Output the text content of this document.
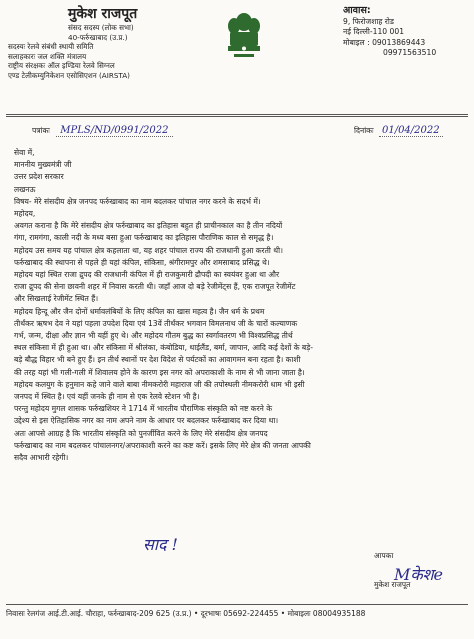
मुकेश राजपूत
संसद सदस्य (लोक सभा)
40-फर्रुखाबाद (उ.प्र.)
सदस्यः रेलवे संबंधी स्थायी समिति
सलाहकारः जल शक्ति मंत्रालय
राष्ट्रीय संरक्षकः ऑल इण्डिया रेलवे सिग्नल
एण्ड टेलीकम्युनिकेशन एसोसिएशन (AIRSTA)
आवास:
9, फिरोजशाह रोड
नई दिल्ली-110 001
मोबाइल : 09013869443
09971563510
पत्रांकः MPLS/ND/0991/2022	दिनांकः 01/04/2022
सेवा में,
माननीय मुख्यमंत्री जी
उत्तर प्रदेश सरकार
लखनऊ
विषय- मेरे संसदीय क्षेत्र जनपद फर्रुखाबाद का नाम बदलकर पांचाल नगर करने के सदर्भ में।
महोदय,
अवगत कराना है कि मेरे संसदीय क्षेत्र फर्रुखाबाद का इतिहास बहुत ही प्राचीनकाल का है तीन नदियों
गंगा, रामगंगा, काली नदी के मध्य बसा हुआ फर्रुखाबाद का इतिहास पौराणिक काल से समृद्ध है।
महोदय उस समय यह पांचाल क्षेत्र कहलाता था, यह शहर पांचाल राज्य की राजधानी हुआ करती थी।
फर्रुखाबाद की स्थापना से पहले ही यहां कंपिल, संकिसा, श्रंगीरामपुर और शमसाबाद प्रसिद्ध थे।
महोदय यहां स्थित राजा द्रुपद की राजधानी कंपिल में ही राजकुमारी द्रौपदी का स्वयंवर हुआ था और
राजा द्रुपद की सेना छावनी शहर में निवास करती थी। जहाँ आज दो बड़े रेजीमेंट्स हैं, एक राजपूत रेजीमेंट
और सिखलाई रेजीमेंट स्थित हैं।
महोदय हिन्दू और जैन दोनों धर्मावलंबियों के लिए कंपिल का खास महत्व है। जैन धर्म के प्रथम
तीर्थंकर ऋषभ देव ने यहां पहला उपदेश दिया एवं 13वें तीर्थंकर भगवान विमलनाथ जी के चारों कल्याणक
गर्भ, जन्म, दीक्षा और ज्ञान भी यहीं हुए थे। और महोदय गौतम बुद्ध का स्वर्गावतरण भी विश्वप्रसिद्ध तीर्थ
स्थल संकिसा में ही हुआ था। और संकिसा में श्रीलंका, कंबोडिया, थाईलैंड, बर्मा, जापान, आदि कई देशों के बड़े-
बड़े बौद्ध विहार भी बने हुए हैं। इन तीर्थ स्थानों पर देश विदेश से पर्यटकों का आवागमन बना रहता है। काशी
की तरह यहां भी गली-गली में शिवालय होने के कारण इस नगर को अपराकाशी के नाम से भी जाना जाता है।
महोदय कलयुग के हनुमान कहे जाने वाले बाबा नीमकरोरी महाराज जी की तपोस्थली नीमकरोरी धाम भी इसी
जनपद में स्थित है। एवं यहीं जनके ही नाम से एक रेलवे स्टेशन भी है।
परन्तु महोदय मुगल शासक फर्रुखशियर ने 1714 में भारतीय पौराणिक संस्कृति को नष्ट करने के
उद्देश्य से इस ऐतिहासिक नगर का नाम अपने नाम के आधार पर बदलकर फर्रुखाबाद कर दिया था।
अतः आपसे आग्रह है कि भारतीय संस्कृति को पुनर्जीवित करने के लिए मेरे संसदीय क्षेत्र जनपद
फर्रुखाबाद का नाम बदलकर पांचालनगर/अपराकाशी करने का कष्ट करें। इसके लिए मेरे क्षेत्र की जनता आपकी
सदैव आभारी रहेगी।
साद !
आपका
मुकेश राजपूत
Mकेशe
निवासः रेलगंज आई.टी.आई. चौराहा, फर्रुखाबाद-209 625 (उ.प्र.) • दूरभाषः 05692-224455 • मोबाइलः 08004935188
